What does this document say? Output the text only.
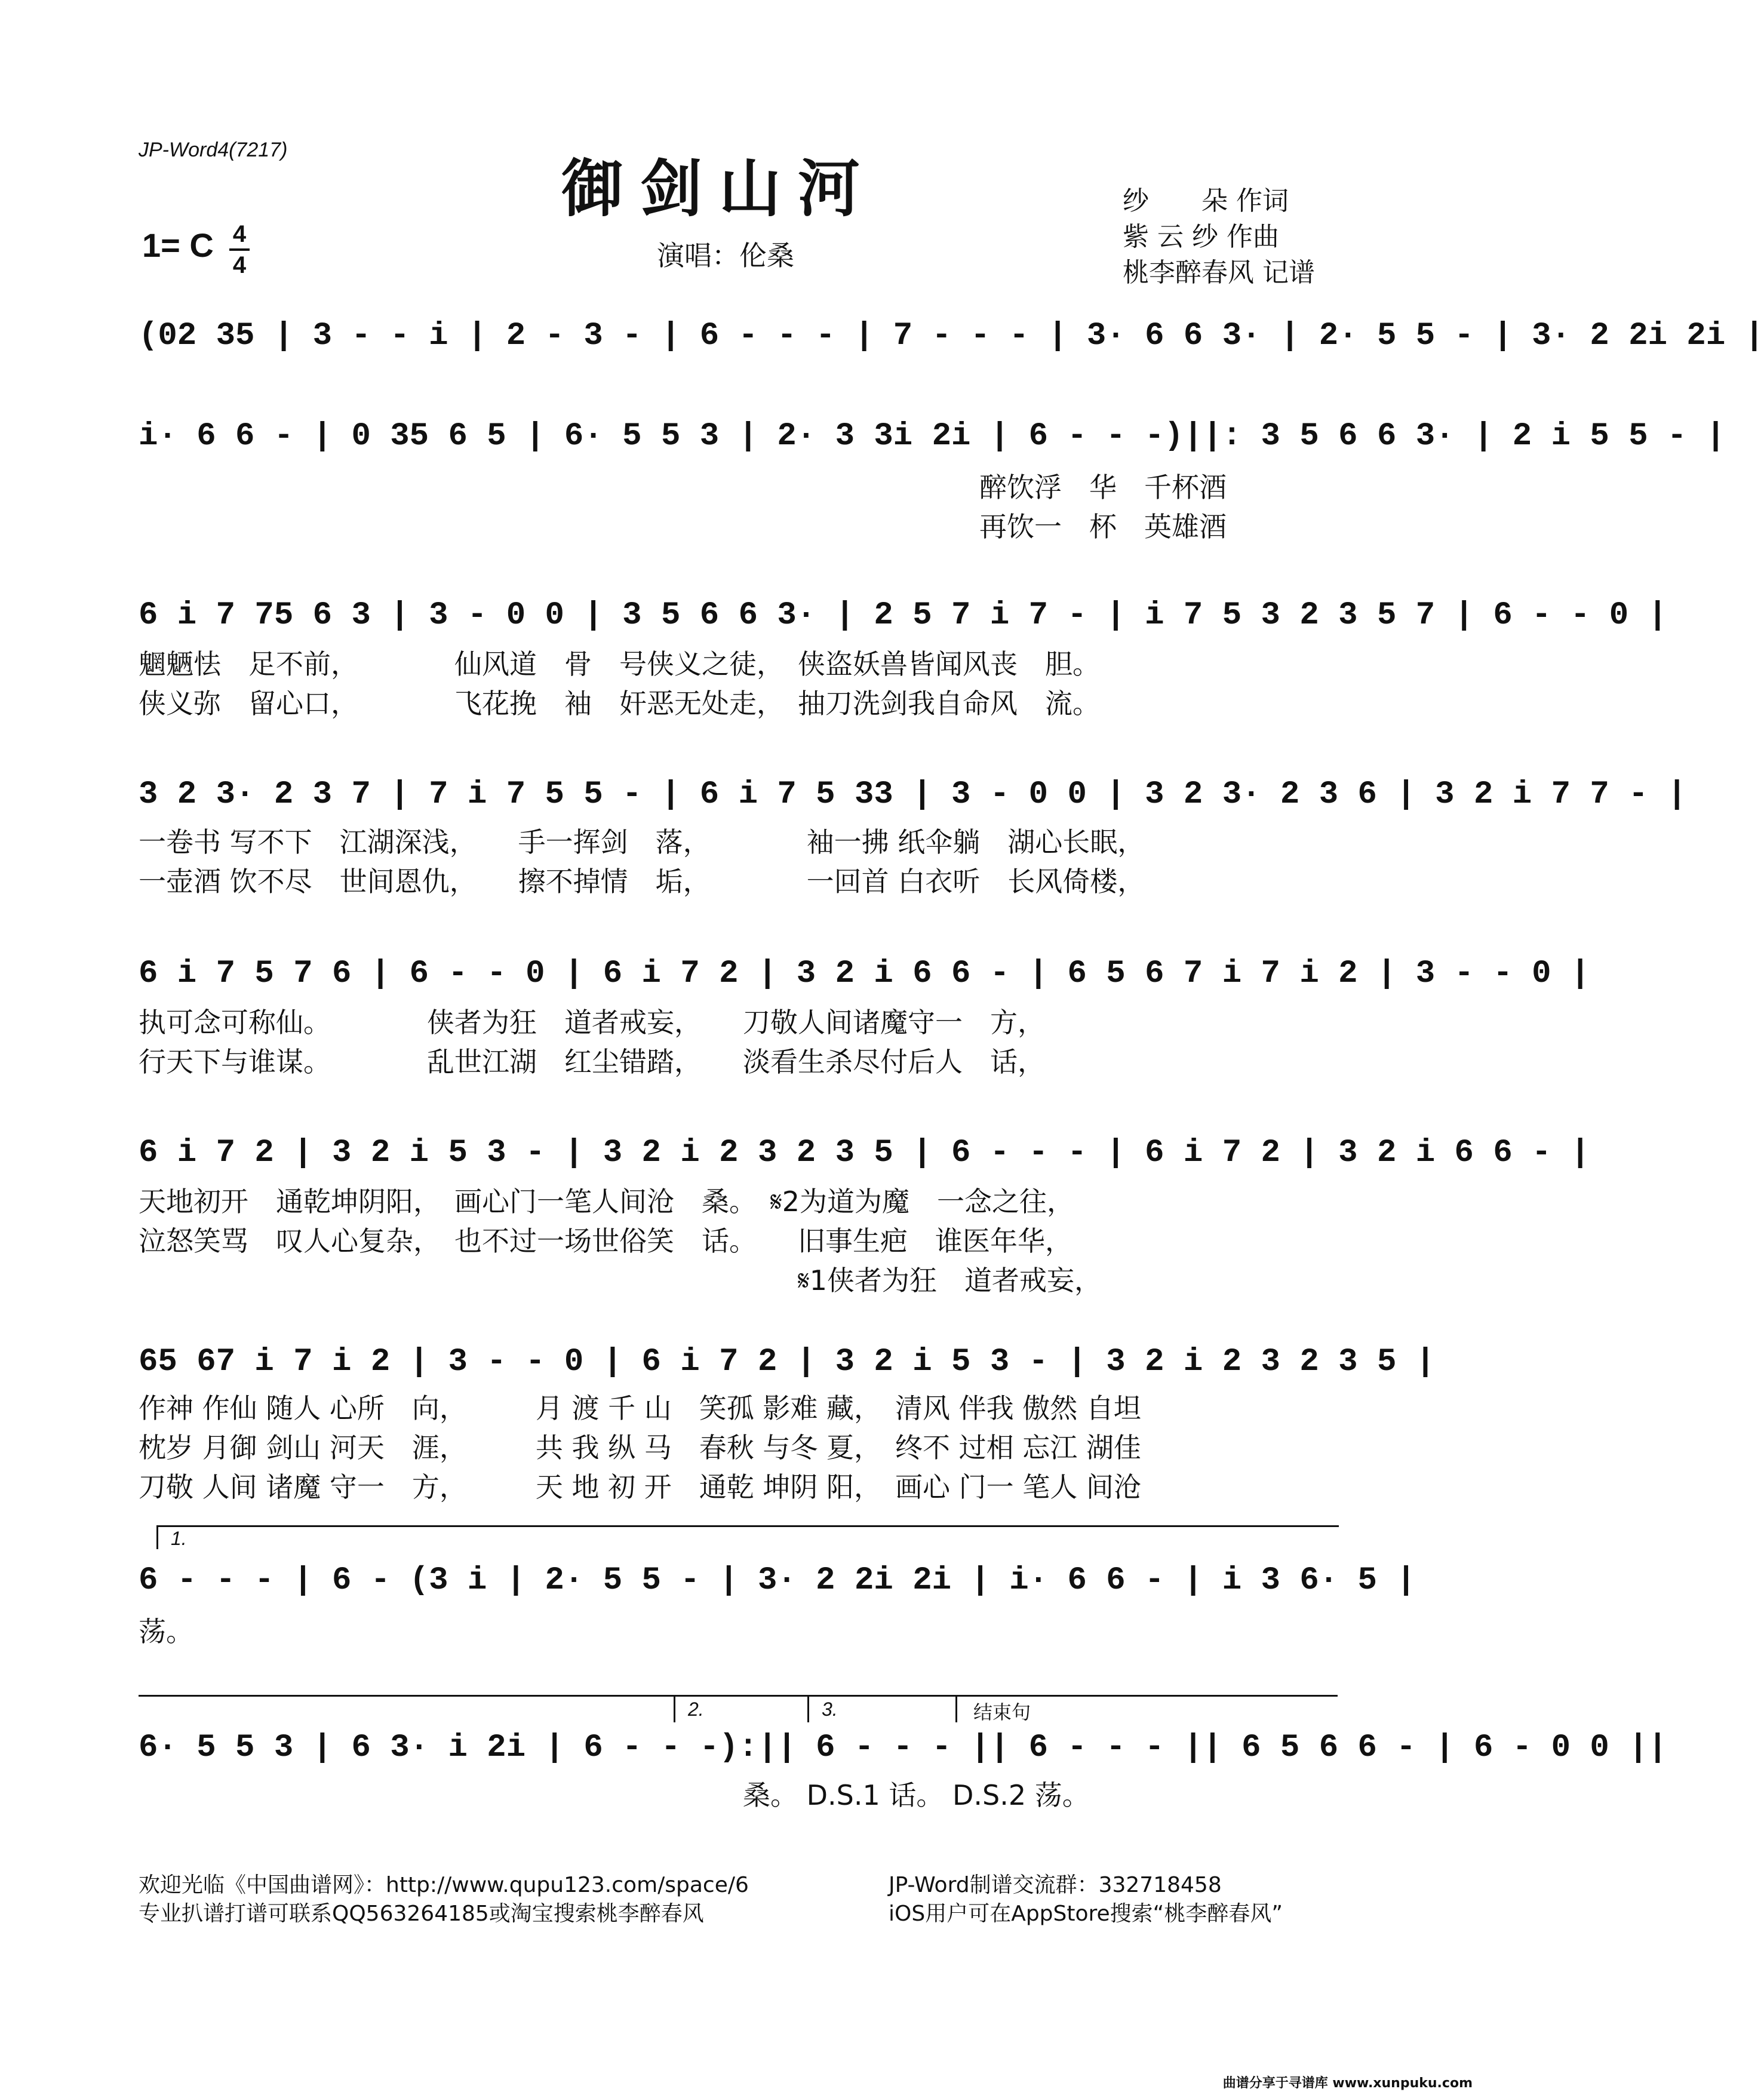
JP-Word4(7217)
御剑山河
演唱：伦桑
纱　　朵 作词
紫 云 纱 作曲
桃李醉春风 记谱
1= C 4
4
(02 35 | 3 - - i | 2 - 3 - | 6 - - - | 7 - - - | 3· 6 6 3· | 2· 5 5 - | 3· 2 2i 2i |
i· 6 6 - | 0 35 6 5 | 6· 5 5 3 | 2· 3 3i 2i | 6 - - -)||: 3 5 6 6 3· | 2 i 5 5 - |
醉饮浮　华　千杯酒
再饮一　杯　英雄酒
6 i 7 75 6 3 | 3 - 0 0 | 3 5 6 6 3· | 2 5 7 i 7 - | i 7 5 3 2 3 5 7 | 6 - - 0 |
魍魉怯　足不前，　　　　仙风道　骨　号侠义之徒，　侠盗妖兽皆闻风丧　胆。
侠义弥　留心口，　　　　飞花挽　袖　奸恶无处走，　抽刀洗剑我自命风　流。
3 2 3· 2 3 7 | 7 i 7 5 5 - | 6 i 7 5 33 | 3 - 0 0 | 3 2 3· 2 3 6 | 3 2 i 7 7 - |
一卷书 写不下　江湖深浅，　　手一挥剑　落，　　　　袖一拂 纸伞躺　湖心长眠，
一壶酒 饮不尽　世间恩仇，　　擦不掉情　垢，　　　　一回首 白衣听　长风倚楼，
6 i 7 5 7 6 | 6 - - 0 | 6 i 7 2 | 3 2 i 6 6 - | 6 5 6 7 i 7 i 2 | 3 - - 0 |
执可念可称仙。　　　　侠者为狂　道者戒妄，　　刀敬人间诸魔守一　方，
行天下与谁谋。　　　　乱世江湖　红尘错踏，　　淡看生杀尽付后人　话，
6 i 7 2 | 3 2 i 5 3 - | 3 2 i 2 3 2 3 5 | 6 - - - | 6 i 7 2 | 3 2 i 6 6 - |
天地初开　通乾坤阴阳，　画心门一笔人间沧　桑。　𝄋2为道为魔　一念之往，
泣怒笑骂　叹人心复杂，　也不过一场世俗笑　话。　　旧事生疤　谁医年华，
　　　　　　　　　　　　　　　　　　　　　　　　𝄋1侠者为狂　道者戒妄，
65 67 i 7 i 2 | 3 - - 0 | 6 i 7 2 | 3 2 i 5 3 - | 3 2 i 2 3 2 3 5 |
作神 作仙 随人 心所　向，　　　月 渡 千 山　笑孤 影难 藏，　清风 伴我 傲然 自坦
枕岁 月御 剑山 河天　涯，　　　共 我 纵 马　春秋 与冬 夏，　终不 过相 忘江 湖佳
刀敬 人间 诸魔 守一　方，　　　天 地 初 开　通乾 坤阴 阳，　画心 门一 笔人 间沧
1.
6 - - - | 6 - (3 i | 2· 5 5 - | 3· 2 2i 2i | i· 6 6 - | i 3 6· 5 |
荡。
2.	3.	结束句
6· 5 5 3 | 6 3· i 2i | 6 - - -):|| 6 - - - || 6 - - - || 6 5 6 6 - | 6 - 0 0 ||
　　　　　　　　　　　　　　　　　　　　　　桑。 D.S.1 话。 D.S.2 荡。
欢迎光临《中国曲谱网》：http://www.qupu123.com/space/6
专业扒谱打谱可联系QQ563264185或淘宝搜索桃李醉春风
JP-Word制谱交流群：332718458
iOS用户可在AppStore搜索“桃李醉春风”
曲谱分享于寻谱库 www.xunpuku.com
